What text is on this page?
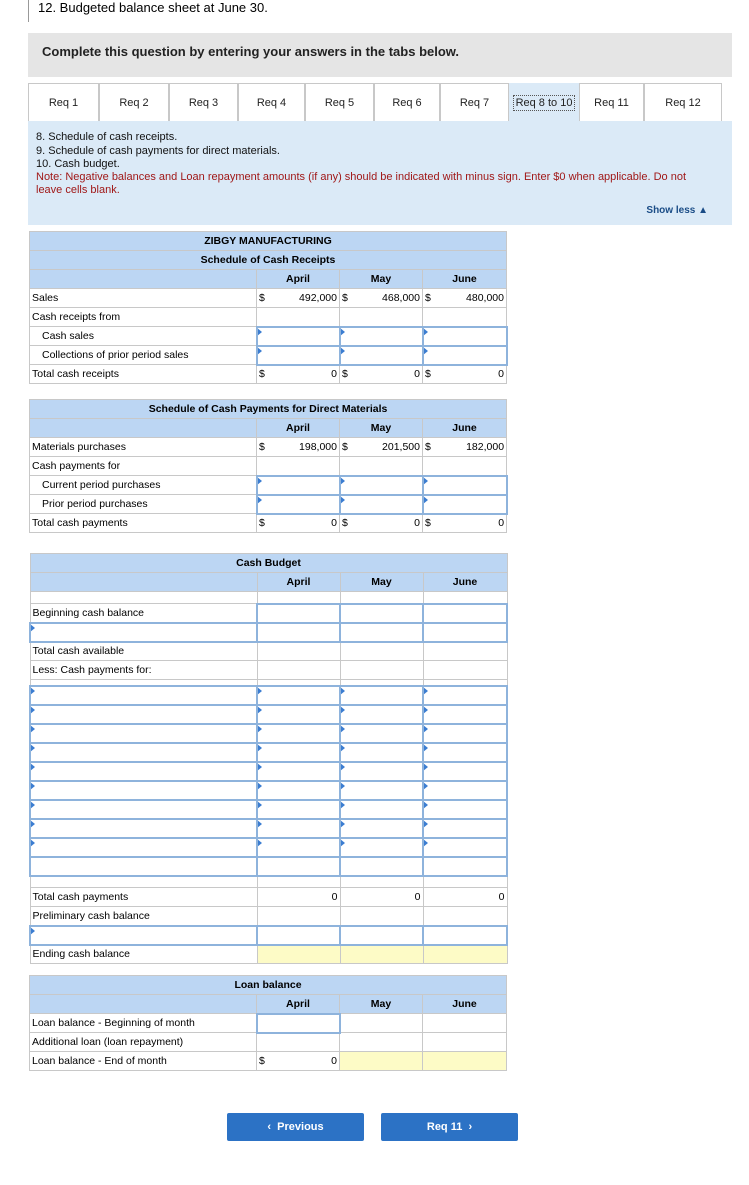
12. Budgeted balance sheet at June 30.
Complete this question by entering your answers in the tabs below.
Req 1	Req 2	Req 3	Req 4	Req 5	Req 6	Req 7 Req 8 to 10 Req 11	Req 12
8. Schedule of cash receipts.
9. Schedule of cash payments for direct materials.
10. Cash budget.
Note: Negative balances and Loan repayment amounts (if any) should be indicated with minus sign. Enter $0 when applicable. Do not leave cells blank.
Show less ▲
ZIBGY MANUFACTURING			
Schedule of Cash Receipts			
	April	May	June
Sales	$ 492,000	$ 468,000	$ 480,000

Cash receipts from			
Cash sales			
Collections of prior period sales			
Total cash receipts	$ 0	$ 0	$ 0
Schedule of Cash Payments for Direct Materials			
	April	May	June
Materials purchases	$ 198,000	$ 201,500	$ 182,000

Cash payments for			
Current period purchases			
Prior period purchases			
Total cash payments	$ 0	$ 0	$ 0
Cash Budget			
	April	May	June

Beginning cash balance			

Total cash available			
Less: Cash payments for:			

Total cash payments	0	0	0
Preliminary cash balance			

Ending cash balance			
Loan balance			
	April	May	June
Loan balance - Beginning of month			
Additional loan (loan repayment)			
Loan balance - End of month	$ 0		

‹ Previous	Req 11 ›
